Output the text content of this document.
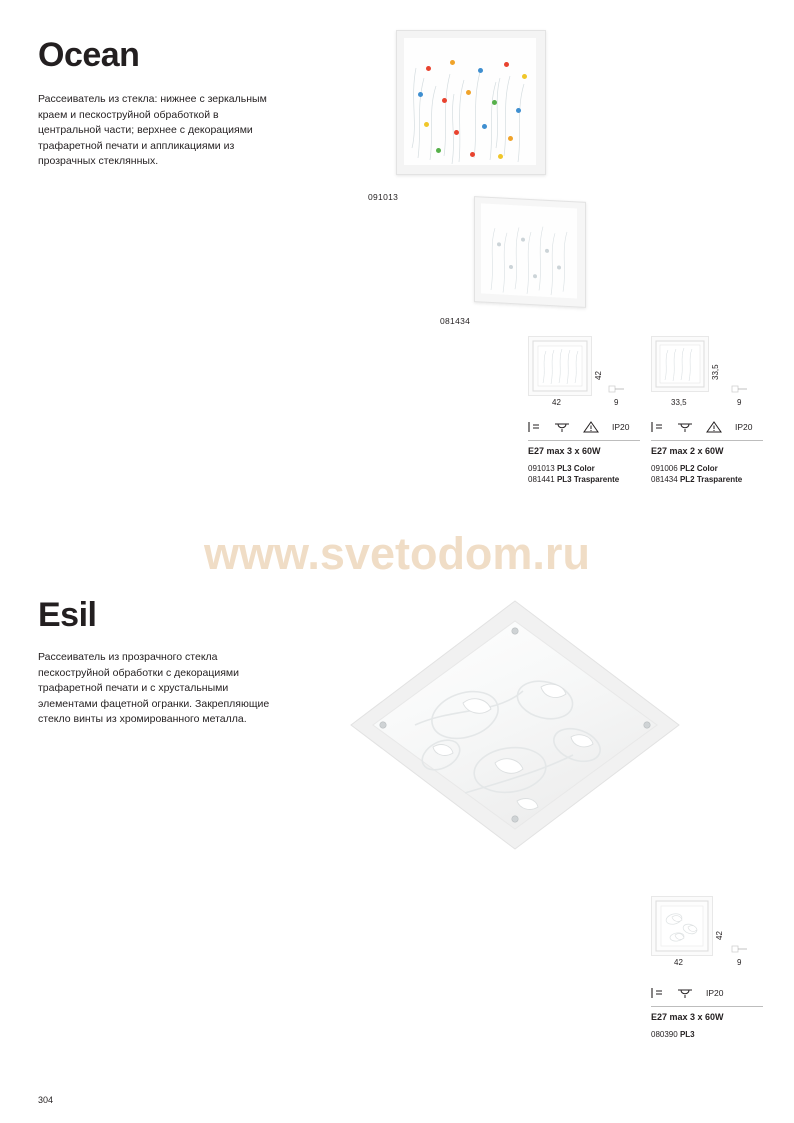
Ocean
Рассеиватель из стекла: нижнее с зеркальным краем и пескоструйной обработкой в центральной части; верхнее с декорациями трафаретной печати и аппликациями из прозрачных стеклянных.
091013
081434
42
42	9
IP20
E27 max 3 x 60W
091013 PL3 Color
081441 PL3 Trasparente
33,5
33,5	9
IP20
E27 max 2 x 60W
091006 PL2 Color
081434 PL2 Trasparente
www.svetodom.ru
Esil
Рассеиватель из прозрачного стекла пескоструйной обработки с декорациями трафаретной печати и с хрустальными элементами фацетной огранки. Закрепляющие стекло винты из хромированного металла.
42
42	9
IP20
E27 max 3 x 60W
080390 PL3
304
